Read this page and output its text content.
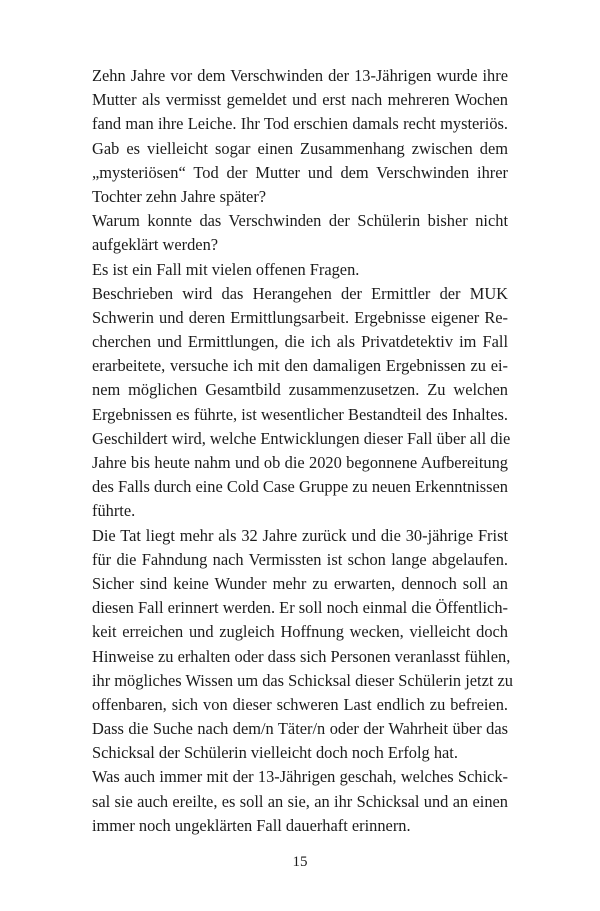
Zehn Jahre vor dem Verschwinden der 13-Jährigen wurde ihre
Mutter als vermisst gemeldet und erst nach mehreren Wochen
fand man ihre Leiche. Ihr Tod erschien damals recht mysteriös.
Gab es vielleicht sogar einen Zusammenhang zwischen dem
„mysteriösen“ Tod der Mutter und dem Verschwinden ihrer
Tochter zehn Jahre später?
Warum konnte das Verschwinden der Schülerin bisher nicht
aufgeklärt werden?
Es ist ein Fall mit vielen offenen Fragen.
Beschrieben wird das Herangehen der Ermittler der MUK
Schwerin und deren Ermittlungsarbeit. Ergebnisse eigener Re-
cherchen und Ermittlungen, die ich als Privatdetektiv im Fall
erarbeitete, versuche ich mit den damaligen Ergebnissen zu ei-
nem möglichen Gesamtbild zusammenzusetzen. Zu welchen
Ergebnissen es führte, ist wesentlicher Bestandteil des Inhaltes.
Geschildert wird, welche Entwicklungen dieser Fall über all die
Jahre bis heute nahm und ob die 2020 begonnene Aufbereitung
des Falls durch eine Cold Case Gruppe zu neuen Erkenntnissen
führte.
Die Tat liegt mehr als 32 Jahre zurück und die 30-jährige Frist
für die Fahndung nach Vermissten ist schon lange abgelaufen.
Sicher sind keine Wunder mehr zu erwarten, dennoch soll an
diesen Fall erinnert werden. Er soll noch einmal die Öffentlich-
keit erreichen und zugleich Hoffnung wecken, vielleicht doch
Hinweise zu erhalten oder dass sich Personen veranlasst fühlen,
ihr mögliches Wissen um das Schicksal dieser Schülerin jetzt zu
offenbaren, sich von dieser schweren Last endlich zu befreien.
Dass die Suche nach dem/n Täter/n oder der Wahrheit über das
Schicksal der Schülerin vielleicht doch noch Erfolg hat.
Was auch immer mit der 13-Jährigen geschah, welches Schick-
sal sie auch ereilte, es soll an sie, an ihr Schicksal und an einen
immer noch ungeklärten Fall dauerhaft erinnern.
15
